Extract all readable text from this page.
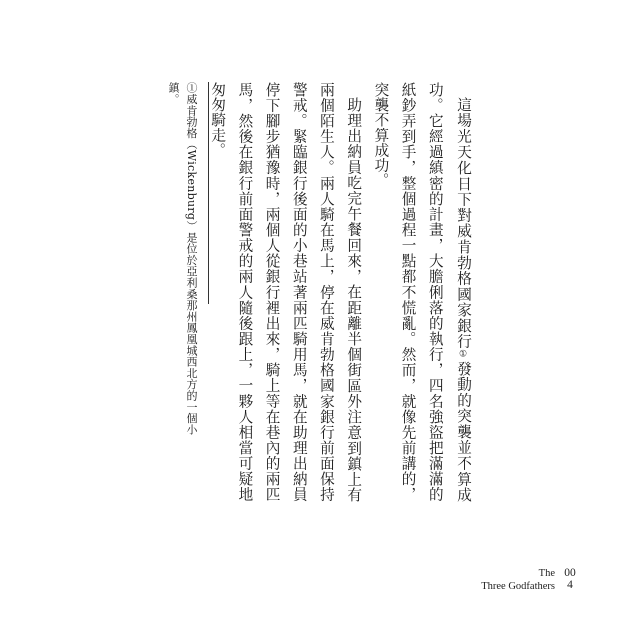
這場光天化日下對威肯勃格國家銀行①發動的突襲並不算成功。它經過縝密的計畫，大膽俐落的執行，四名強盜把滿滿的紙鈔弄到手，整個過程一點都不慌亂。然而，就像先前講的，突襲不算成功。

助理出納員吃完午餐回來，在距離半個街區外注意到鎮上有兩個陌生人。兩人騎在馬上，停在威肯勃格國家銀行前面保持警戒。緊臨銀行後面的小巷站著兩匹騎用馬，就在助理出納員停下腳步猶豫時，兩個人從銀行裡出來，騎上等在巷內的兩匹馬，然後在銀行前面警戒的兩人隨後跟上，一夥人相當可疑地匆匆騎走。

①威肯勃格（Wickenburg）是位於亞利桑那州鳳凰城西北方的一個小鎮。
The
Three Godfathers
004
